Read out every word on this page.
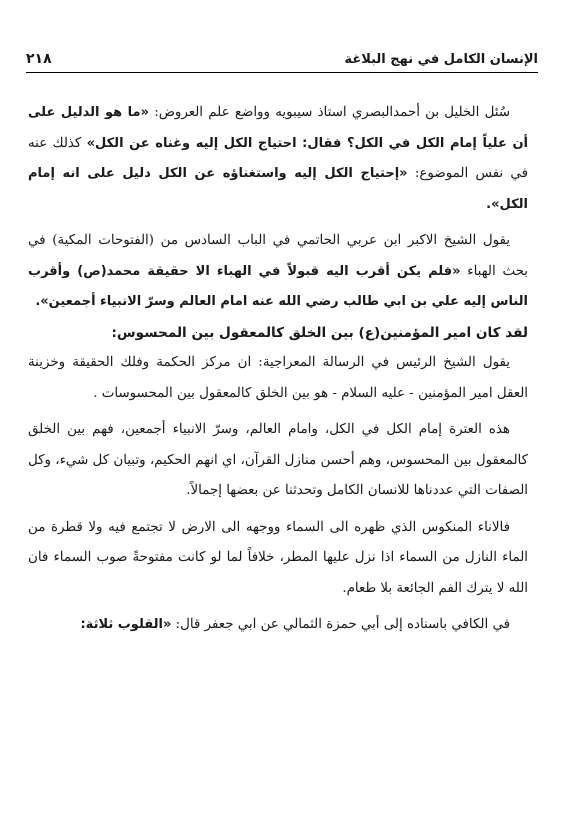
الإنسان الكامل في نهج البلاغة
٢١٨

سُئل الخليل بن أحمدالبصري استاذ سيبويه وواضع علم العروض: «ما هو الدليل على أن علياً إمام الكل في الكل؟ فقال: احتياج الكل إليه وغناه عن الكل» كذلك عنه في نفس الموضوع: «إحتياج الكل إليه واستغناؤه عن الكل دليل على انه إمام الكل».

يقول الشيخ الاكبر ابن عربي الحاتمي في الباب السادس من (الفتوحات المكية) في بحث الهباء «فلم يكن أقرب اليه قبولاً في الهباء الا حقيقة محمد(ص) وأقرب الناس إليه علي بن ابي طالب رضي الله عنه امام العالم وسرّ الانبياء أجمعين».

لقد كان امير المؤمنين(ع) بين الخلق كالمعقول بين المحسوس:

يقول الشيخ الرئيس في الرسالة المعراجية: ان مركز الحكمة وفلك الحقيقة وخزينة العقل امير المؤمنين - عليه السلام - هو بين الخلق كالمعقول بين المحسوسات .

هذه العترة إمام الكل في الكل، وامام العالم، وسرّ الانبياء أجمعين، فهم بين الخلق كالمعقول بين المحسوس، وهم أحسن منازل القرآن، اي انهم الحكيم، وتبيان كل شيء، وكل الصفات التي عددناها للانسان الكامل وتحدثنا عن بعضها إجمالاً.

فالاناء المنكوس الذي ظهره الى السماء ووجهه الى الارض لا تجتمع فيه ولا قطرة من الماء النازل من السماء اذا نزل عليها المطر، خلافاً لما لو كانت مفتوحةً صوب السماء فان الله لا يترك الفم الجائعة بلا طعام.

في الكافي باسناده إلى أبي حمزة الثمالي عن ابي جعفر قال: «القلوب ثلاثة:
